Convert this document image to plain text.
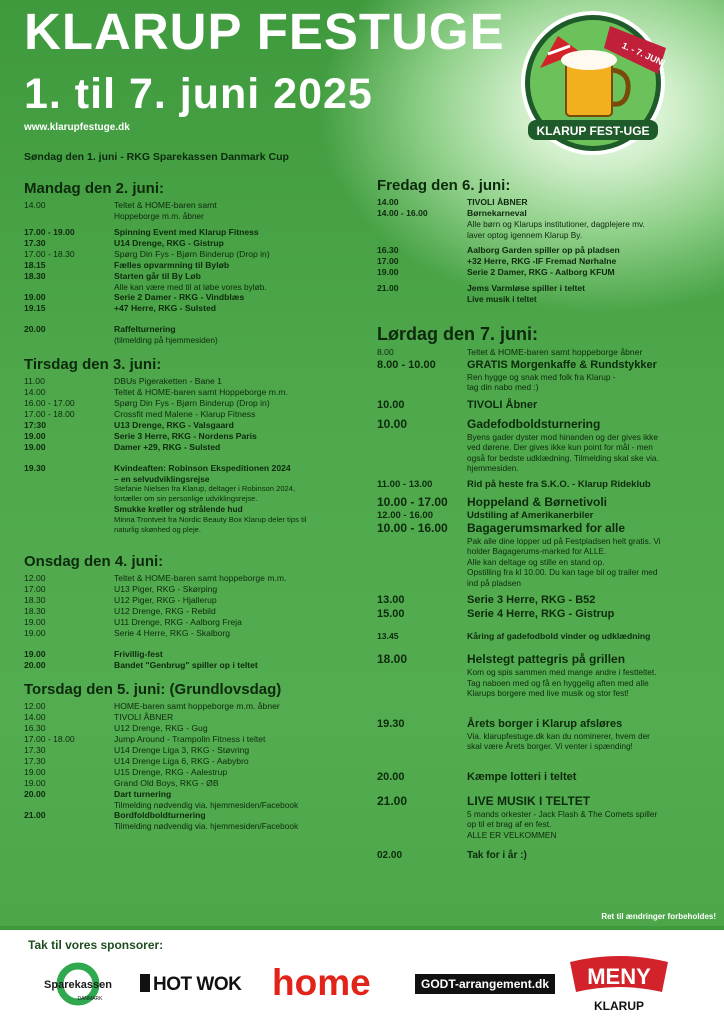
KLARUP FESTUGE
1. til 7. juni 2025
www.klarupfestuge.dk
Søndag den 1. juni - RKG Sparekassen Danmark Cup
1. - 7. JUNI
KLARUP FEST-UGE
Mandag den 2. juni:
14.00	Teltet & HOME-baren samt
Hoppeborge m.m. åbner
17.00 - 19.00	Spinning Event med Klarup Fitness
17.30	U14 Drenge, RKG - Gistrup
17.00 - 18.30	Spørg Din Fys - Bjørn Binderup (Drop in)
18.15	Fælles opvarmning til Byløb
18.30	Starten går til By Løb
Alle kan være med til at løbe vores byløb.
19.00	Serie 2 Damer - RKG - Vindblæs
19.15	+47 Herre, RKG - Sulsted
20.00	Raffelturnering
(tilmelding på hjemmesiden)
Tirsdag den 3. juni:
11.00	DBUs Pigeraketten - Bane 1
14.00	Teltet & HOME-baren samt Hoppeborge m.m.
16.00 - 17.00	Spørg Din Fys - Bjørn Binderup (Drop in)
17.00 - 18.00	Crossfit med Malene - Klarup Fitness
17:30	U13 Drenge, RKG - Valsgaard
19.00	Serie 3 Herre, RKG - Nordens Paris
19.00	Damer +29, RKG - Sulsted
19.30	Kvindeaften: Robinson Ekspeditionen 2024
– en selvudviklingsrejse
Stefanie Nielsen fra Klarup, deltager i Robinson 2024,
fortæller om sin personlige udviklingsrejse.
Smukke krøller og strålende hud
Minna Trontveit fra Nordic Beauty Box Klarup deler tips til
naturlig skønhed og pleje.
Onsdag den 4. juni:
12.00	Teltet & HOME-baren samt hoppeborge m.m.
17.00	U13 Piger, RKG - Skørping
18.30	U12 Piger, RKG - Hjallerup
18.30	U12 Drenge, RKG - Rebild
19.00	U11 Drenge, RKG - Aalborg Freja
19.00	Serie 4 Herre, RKG - Skalborg
19.00	Frivillig-fest
20.00	Bandet "Genbrug" spiller op i teltet
Torsdag den 5. juni: (Grundlovsdag)
12.00	HOME-baren samt hoppeborge m.m. åbner
14.00	TIVOLI ÅBNER
16.30	U12 Drenge, RKG - Gug
17.00 - 18.00	Jump Around - Trampolin Fitness i teltet
17.30	U14 Drenge Liga 3, RKG - Støvring
17.30	U14 Drenge Liga 6, RKG - Aabybro
19.00	U15 Drenge, RKG - Aalestrup
19.00	Grand Old Boys, RKG - ØB
20.00	Dart turnering
Tilmelding nødvendig via. hjemmesiden/Facebook
21.00	Bordfoldboldturnering
Tilmelding nødvendig via. hjemmesiden/Facebook
Fredag den 6. juni:
14.00	TIVOLI ÅBNER
14.00 - 16.00	Børnekarneval
Alle børn og Klarups institutioner, dagplejere mv.
laver optog igennem Klarup By.
16.30	Aalborg Garden spiller op på pladsen
17.00	+32 Herre, RKG -IF Fremad Nørhalne
19.00	Serie 2 Damer, RKG - Aalborg KFUM
21.00	Jems Varmløse spiller i teltet
Live musik i teltet
Lørdag den 7. juni:
8.00	Teltet & HOME-baren samt hoppeborge åbner
8.00 - 10.00	GRATIS Morgenkaffe & Rundstykker
Ren hygge og snak med folk fra Klarup -
tag din nabo med :)
10.00	TIVOLI Åbner
10.00	Gadefodboldsturnering
Byens gader dyster mod hinanden og der gives ikke
ved dørene. Der gives ikke kun point for mål - men
også for bedste udklædning. Tilmelding skal ske via.
hjemmesiden.
11.00 - 13.00	Rid på heste fra S.K.O. - Klarup Rideklub
10.00 - 17.00	Hoppeland & Børnetivoli
12.00 - 16.00	Udstiling af Amerikanerbiler
10.00 - 16.00	Bagagerumsmarked for alle
Pak alle dine lopper ud på Festpladsen helt gratis. Vi
holder Bagagerums-marked for ALLE.
Alle kan deltage og stille en stand op.
Opstilling fra kl 10.00. Du kan tage bil og trailer med
ind på pladsen
13.00	Serie 3 Herre, RKG - B52
15.00	Serie 4 Herre, RKG - Gistrup
13.45	Kåring af gadefodbold vinder og udklædning
18.00	Helstegt pattegris på grillen
Kom og spis sammen med mange andre i festteltet.
Tag naboen med og få en hyggelig aften med alle
Klarups borgere med live musik og stor fest!
19.30	Årets borger i Klarup afsløres
Via. klarupfestuge.dk kan du nominerer, hvem der
skal være Årets borger. Vi venter i spænding!
20.00	Kæmpe lotteri i teltet
21.00	LIVE MUSIK I TELTET
5 mands orkester - Jack Flash & The Comets spiller
op til et brag af en fest.
ALLE ER VELKOMMEN
02.00	Tak for i år :)
Ret til ændringer forbeholdes!
Tak til vores sponsorer:
Sparekassen
DANMARK
HOT WOK home	GODT-arrangement.dk MENY
KLARUP
